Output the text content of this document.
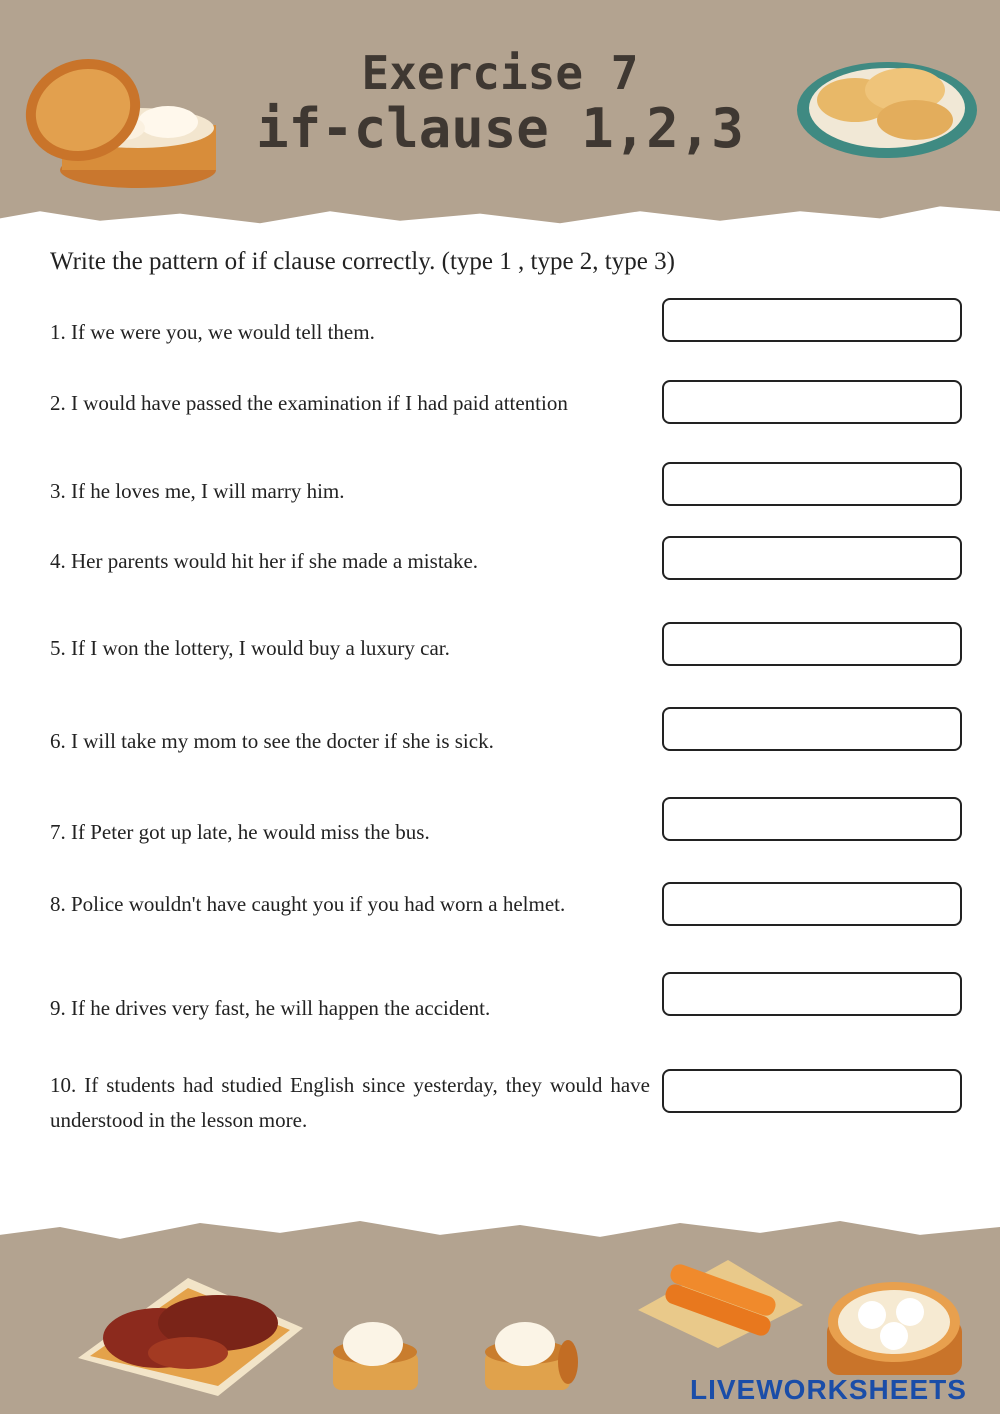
Exercise 7
if-clause 1,2,3
Write the pattern of if clause correctly. (type 1 , type 2, type 3)
1. If we were you, we would tell them.
2. I would have passed the examination if I had paid attention
3. If he loves me, I will marry him.
4. Her parents would hit her if she made a mistake.
5. If I won the lottery, I would buy a luxury car.
6. I will take my mom to see the docter if she is sick.
7. If Peter got up late, he would miss the bus.
8. Police wouldn't have caught you if you had worn a helmet.
9. If he drives very fast, he will happen the accident.
10. If students had studied English since yesterday, they would have understood in the lesson more.
LIVEWORKSHEETS
